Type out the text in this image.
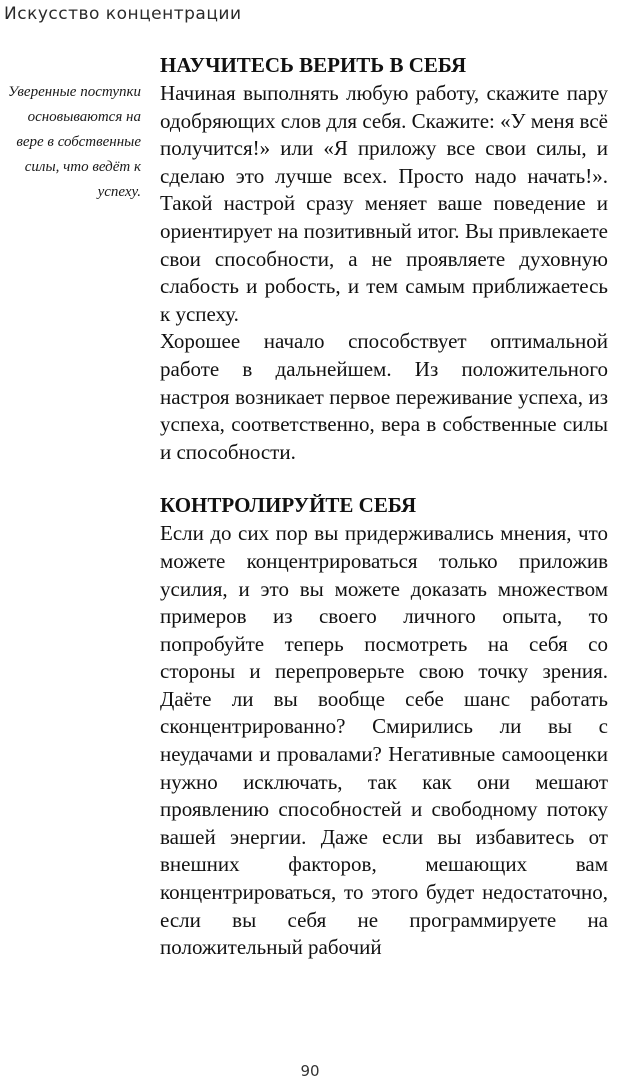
Искусство концентрации
Уверенные поступки основываются на вере в собственные силы, что ведёт к успеху.
НАУЧИТЕСЬ ВЕРИТЬ В СЕБЯ

Начиная выполнять любую работу, скажите пару одобряющих слов для себя. Скажите: «У меня всё получится!» или «Я приложу все свои силы, и сделаю это лучше всех. Просто надо начать!». Такой настрой сразу меняет ваше поведение и ориентирует на позитивный итог. Вы привлекаете свои способности, а не проявляете духовную слабость и робость, и тем самым приближаетесь к успеху.

Хорошее начало способствует оптимальной работе в дальнейшем. Из положительного настроя возникает первое переживание успеха, из успеха, соответственно, вера в собственные силы и способности.

КОНТРОЛИРУЙТЕ СЕБЯ

Если до сих пор вы придерживались мнения, что можете концентрироваться только приложив усилия, и это вы можете доказать множеством примеров из своего личного опыта, то попробуйте теперь посмотреть на себя со стороны и перепроверьте свою точку зрения. Даёте ли вы вообще себе шанс работать сконцентрированно? Смирились ли вы с неудачами и провалами? Негативные самооценки нужно исключать, так как они мешают проявлению способностей и свободному потоку вашей энергии. Даже если вы избавитесь от внешних факторов, мешающих вам концентрироваться, то этого будет недостаточно, если вы себя не программируете на положительный рабочий

90
